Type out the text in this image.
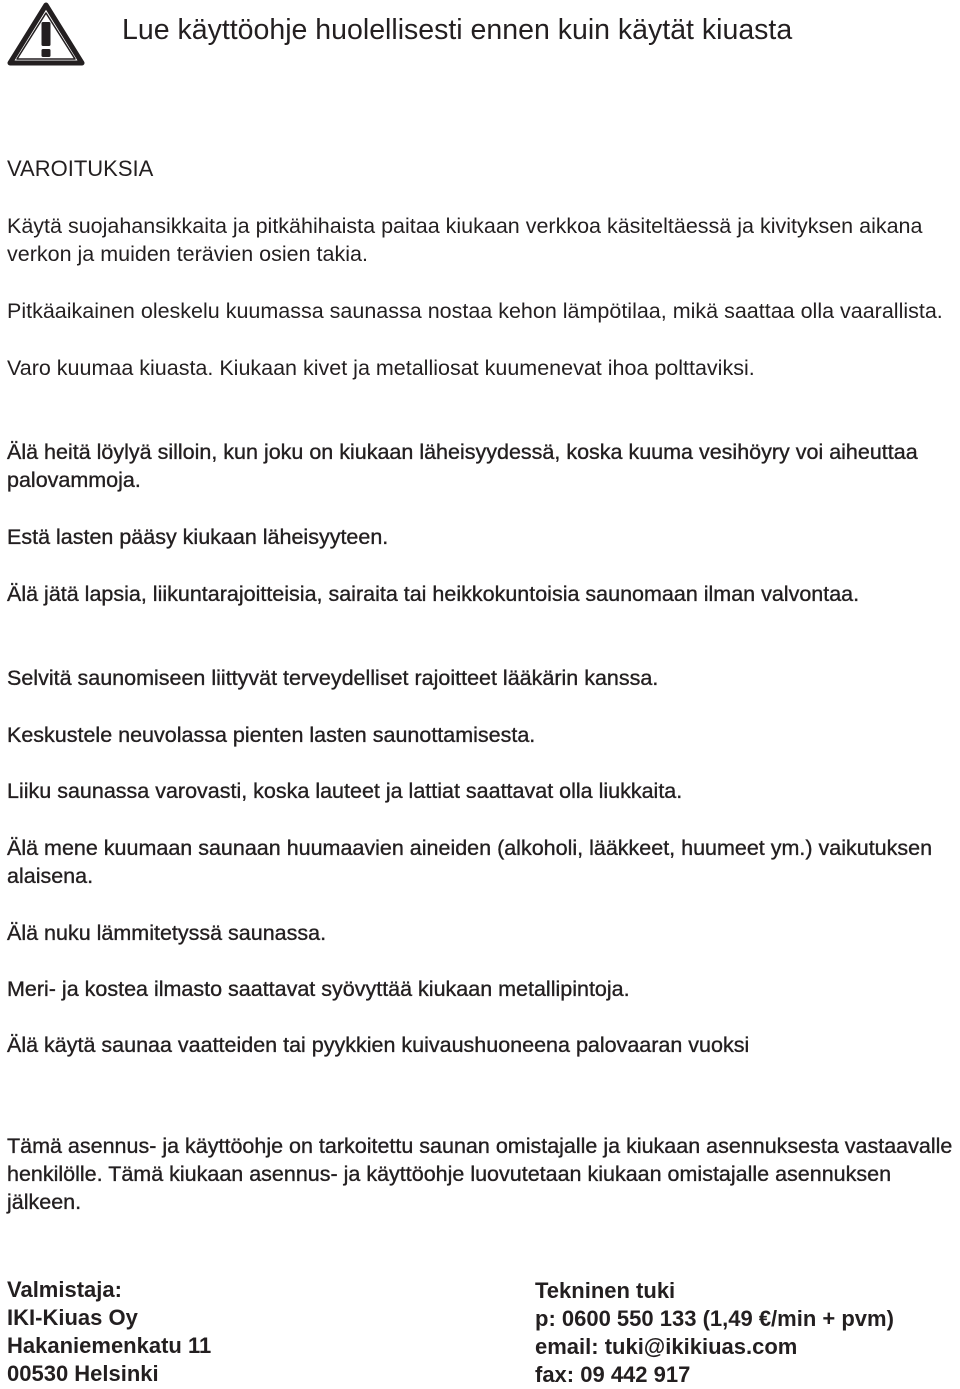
Lue käyttöohje huolellisesti ennen kuin käytät kiuasta
VAROITUKSIA

Käytä suojahansikkaita ja pitkähihaista paitaa kiukaan verkkoa käsiteltäessä ja kivityksen aikana verkon ja muiden terävien osien takia.

Pitkäaikainen oleskelu kuumassa saunassa nostaa kehon lämpötilaa, mikä saattaa olla vaarallista.

Varo kuumaa kiuasta. Kiukaan kivet ja metalliosat kuumenevat ihoa polttaviksi.

Älä heitä löylyä silloin, kun joku on kiukaan läheisyydessä, koska kuuma vesihöyry voi aiheuttaa palovammoja.

Estä lasten pääsy kiukaan läheisyyteen.

Älä jätä lapsia, liikuntarajoitteisia, sairaita tai heikkokuntoisia saunomaan ilman valvontaa.

Selvitä saunomiseen liittyvät terveydelliset rajoitteet lääkärin kanssa.

Keskustele neuvolassa pienten lasten saunottamisesta.

Liiku saunassa varovasti, koska lauteet ja lattiat saattavat olla liukkaita.

Älä mene kuumaan saunaan huumaavien aineiden (alkoholi, lääkkeet, huumeet ym.) vaikutuksen alaisena.

Älä nuku lämmitetyssä saunassa.

Meri- ja kostea ilmasto saattavat syövyttää kiukaan metallipintoja.

Älä käytä saunaa vaatteiden tai pyykkien kuivaushuoneena palovaaran vuoksi

Tämä asennus- ja käyttöohje on tarkoitettu saunan omistajalle ja kiukaan asennuksesta vastaavalle henkilölle. Tämä kiukaan asennus- ja käyttöohje luovutetaan kiukaan omistajalle asennuksen jälkeen.

Valmistaja:
IKI-Kiuas Oy
Hakaniemenkatu 11
00530 Helsinki
Tekninen tuki
p: 0600 550 133 (1,49 €/min + pvm)
email: tuki@ikikiuas.com
fax: 09 442 917
